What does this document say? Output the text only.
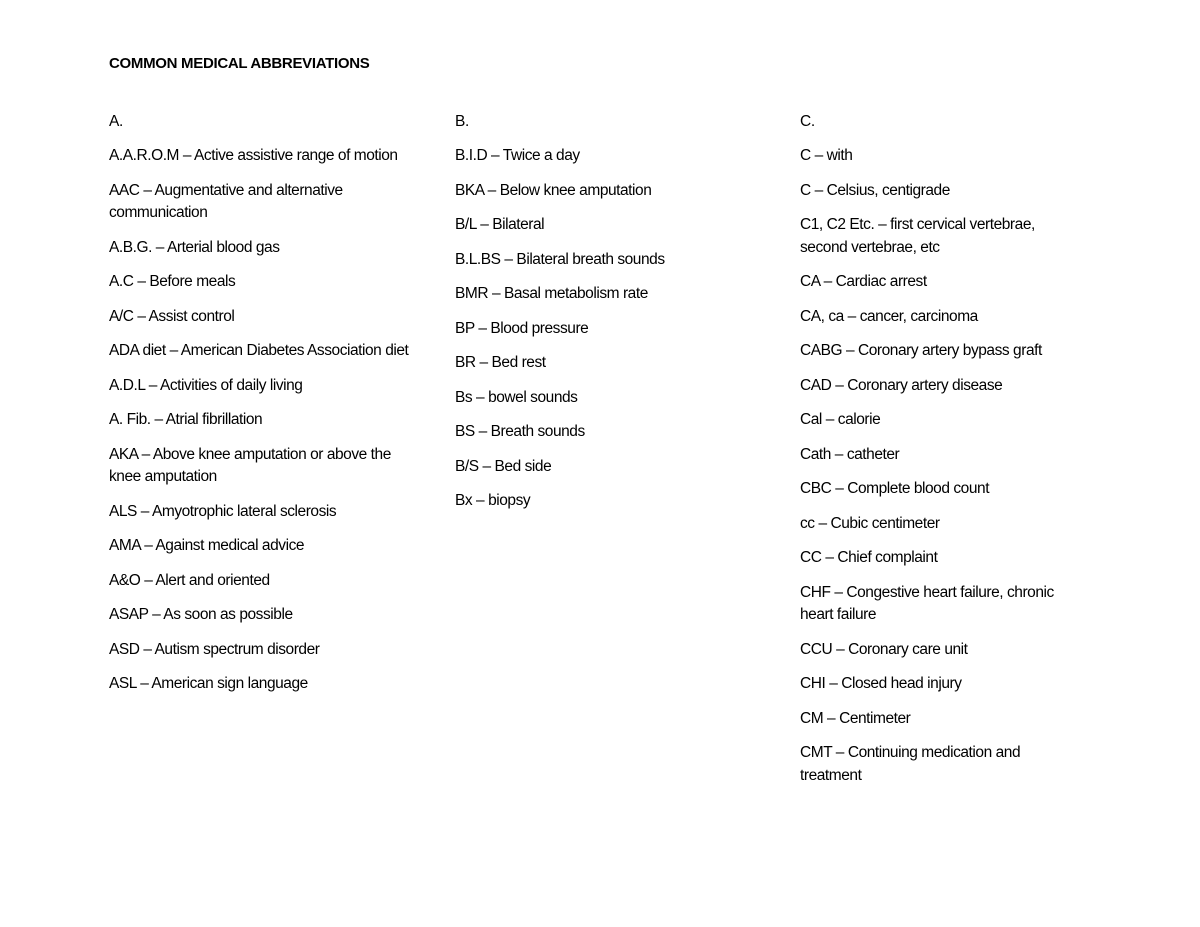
COMMON MEDICAL ABBREVIATIONS
A.
A.A.R.O.M – Active assistive range of motion
AAC – Augmentative and alternative communication
A.B.G. – Arterial blood gas
A.C – Before meals
A/C – Assist control
ADA diet – American Diabetes Association diet
A.D.L – Activities of daily living
A. Fib. – Atrial fibrillation
AKA – Above knee amputation or above the knee amputation
ALS – Amyotrophic lateral sclerosis
AMA – Against medical advice
A&O – Alert and oriented
ASAP – As soon as possible
ASD – Autism spectrum disorder
ASL – American sign language
B.
B.I.D – Twice a day
BKA – Below knee amputation
B/L – Bilateral
B.L.BS – Bilateral breath sounds
BMR – Basal metabolism rate
BP – Blood pressure
BR – Bed rest
Bs – bowel sounds
BS – Breath sounds
B/S – Bed side
Bx – biopsy
C.
C – with
C – Celsius, centigrade
C1, C2 Etc. – first cervical vertebrae, second vertebrae, etc
CA – Cardiac arrest
CA, ca – cancer, carcinoma
CABG – Coronary artery bypass graft
CAD – Coronary artery disease
Cal – calorie
Cath – catheter
CBC – Complete blood count
cc – Cubic centimeter
CC – Chief complaint
CHF – Congestive heart failure, chronic heart failure
CCU – Coronary care unit
CHI – Closed head injury
CM – Centimeter
CMT – Continuing medication and treatment
